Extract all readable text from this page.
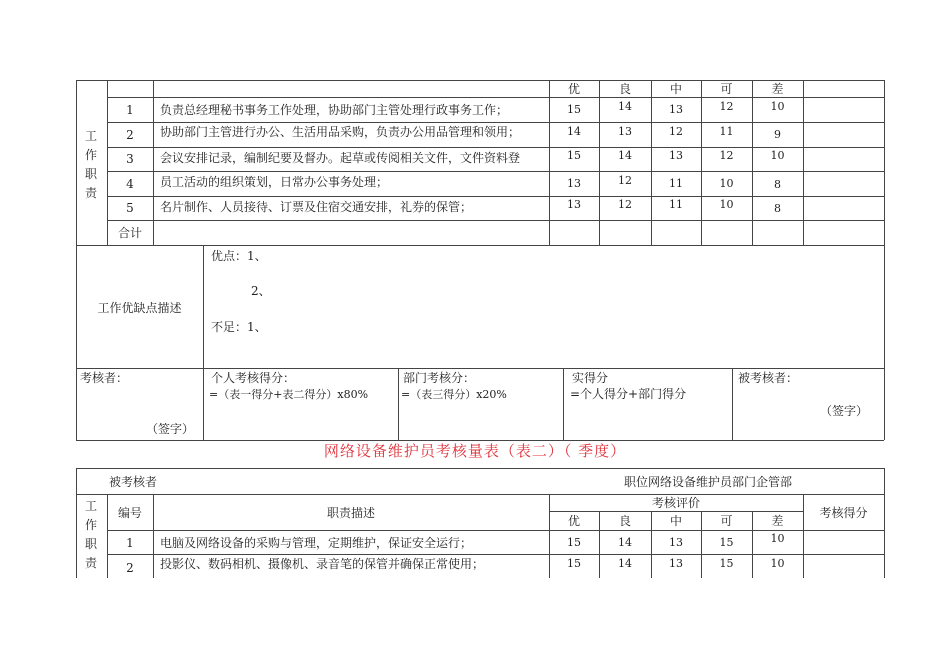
优	良	中	可	差
工作职责
1	负责总经理秘书事务工作处理，协助部门主管处理行政事务工作；	15	14	13	12	10
2	协助部门主管进行办公、生活用品采购，负责办公用品管理和领用；	14	13	12	11	9
3	会议安排记录，编制纪要及督办。起草或传阅相关文件，文件资料登	15	14	13	12	10
4	员工活动的组织策划，日常办公事务处理；	13	12	11	10	8
5	名片制作、人员接待、订票及住宿交通安排，礼券的保管；	13	12	11	10	8
合计
工作优缺点描述
优点：1、
2、
不足：1、
考核者：
（签字）
个人考核得分：
=（表一得分+表二得分）x80%
部门考核分：
=（表三得分）x20%
实得分
=个人得分+部门得分
被考核者：
（签字）
网络设备维护员考核量表（表二）（ 季度）
被考核者	职位网络设备维护员部门企管部
工作职责
编号	职责描述
考核评价
考核得分
优	良	中	可	差
1	电脑及网络设备的采购与管理，定期维护，保证安全运行；	15	14	13	15	10
2	投影仪、数码相机、摄像机、录音笔的保管并确保正常使用；	15	14	13	15	10
